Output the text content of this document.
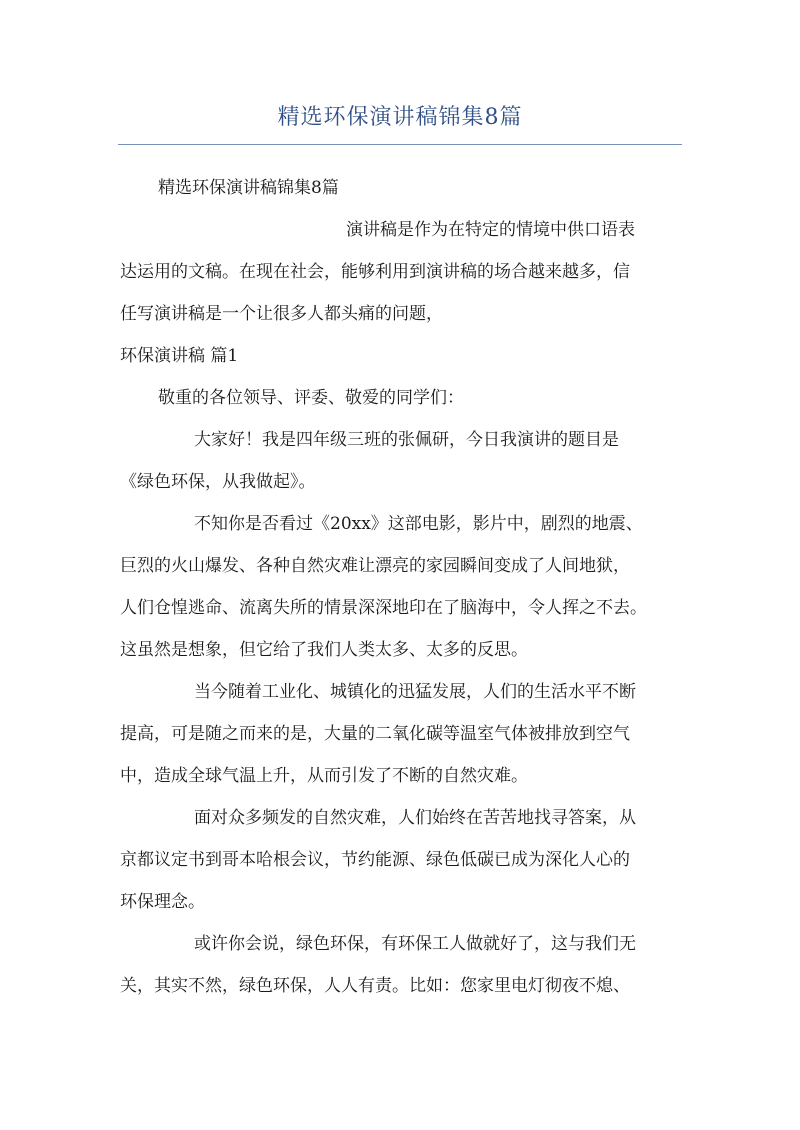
精选环保演讲稿锦集8篇
精选环保演讲稿锦集8篇
演讲稿是作为在特定的情境中供口语表
达运用的文稿。在现在社会，能够利用到演讲稿的场合越来越多，信
任写演讲稿是一个让很多人都头痛的问题，
环保演讲稿 篇1
敬重的各位领导、评委、敬爱的同学们：
大家好！我是四年级三班的张佩研，今日我演讲的题目是
《绿色环保，从我做起》。
不知你是否看过《20xx》这部电影，影片中，剧烈的地震、
巨烈的火山爆发、各种自然灾难让漂亮的家园瞬间变成了人间地狱，
人们仓惶逃命、流离失所的情景深深地印在了脑海中，令人挥之不去。
这虽然是想象，但它给了我们人类太多、太多的反思。
当今随着工业化、城镇化的迅猛发展，人们的生活水平不断
提高，可是随之而来的是，大量的二氧化碳等温室气体被排放到空气
中，造成全球气温上升，从而引发了不断的自然灾难。
面对众多频发的自然灾难，人们始终在苦苦地找寻答案，从
京都议定书到哥本哈根会议，节约能源、绿色低碳已成为深化人心的
环保理念。
或许你会说，绿色环保，有环保工人做就好了，这与我们无
关，其实不然，绿色环保，人人有责。比如：您家里电灯彻夜不熄、
